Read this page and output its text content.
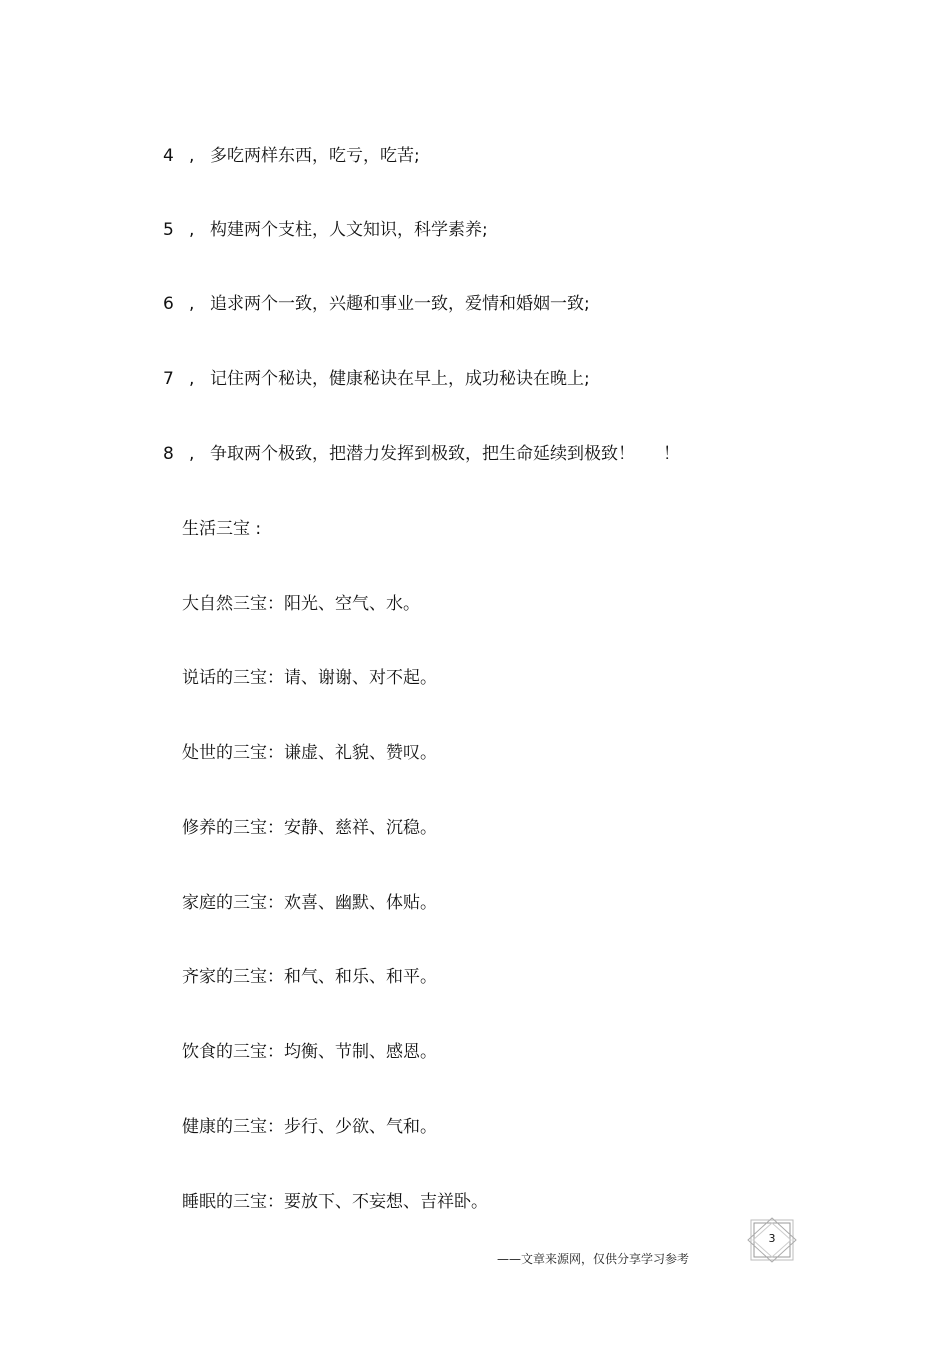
4 , 多吃两样东西，吃亏，吃苦;
5 , 构建两个支柱，人文知识，科学素养;
6 , 追求两个一致，兴趣和事业一致，爱情和婚姻一致;
7 , 记住两个秘诀，健康秘诀在早上，成功秘诀在晚上;
8 , 争取两个极致，把潜力发挥到极致，把生命延续到极致！ ！
生活三宝 :
大自然三宝：阳光、空气、水。
说话的三宝：请、谢谢、对不起。
处世的三宝：谦虚、礼貌、赞叹。
修养的三宝：安静、慈祥、沉稳。
家庭的三宝：欢喜、幽默、体贴。
齐家的三宝：和气、和乐、和平。
饮食的三宝：均衡、节制、感恩。
健康的三宝：步行、少欲、气和。
睡眠的三宝：要放下、不妄想、吉祥卧。
3
——文章来源网，仅供分享学习参考
